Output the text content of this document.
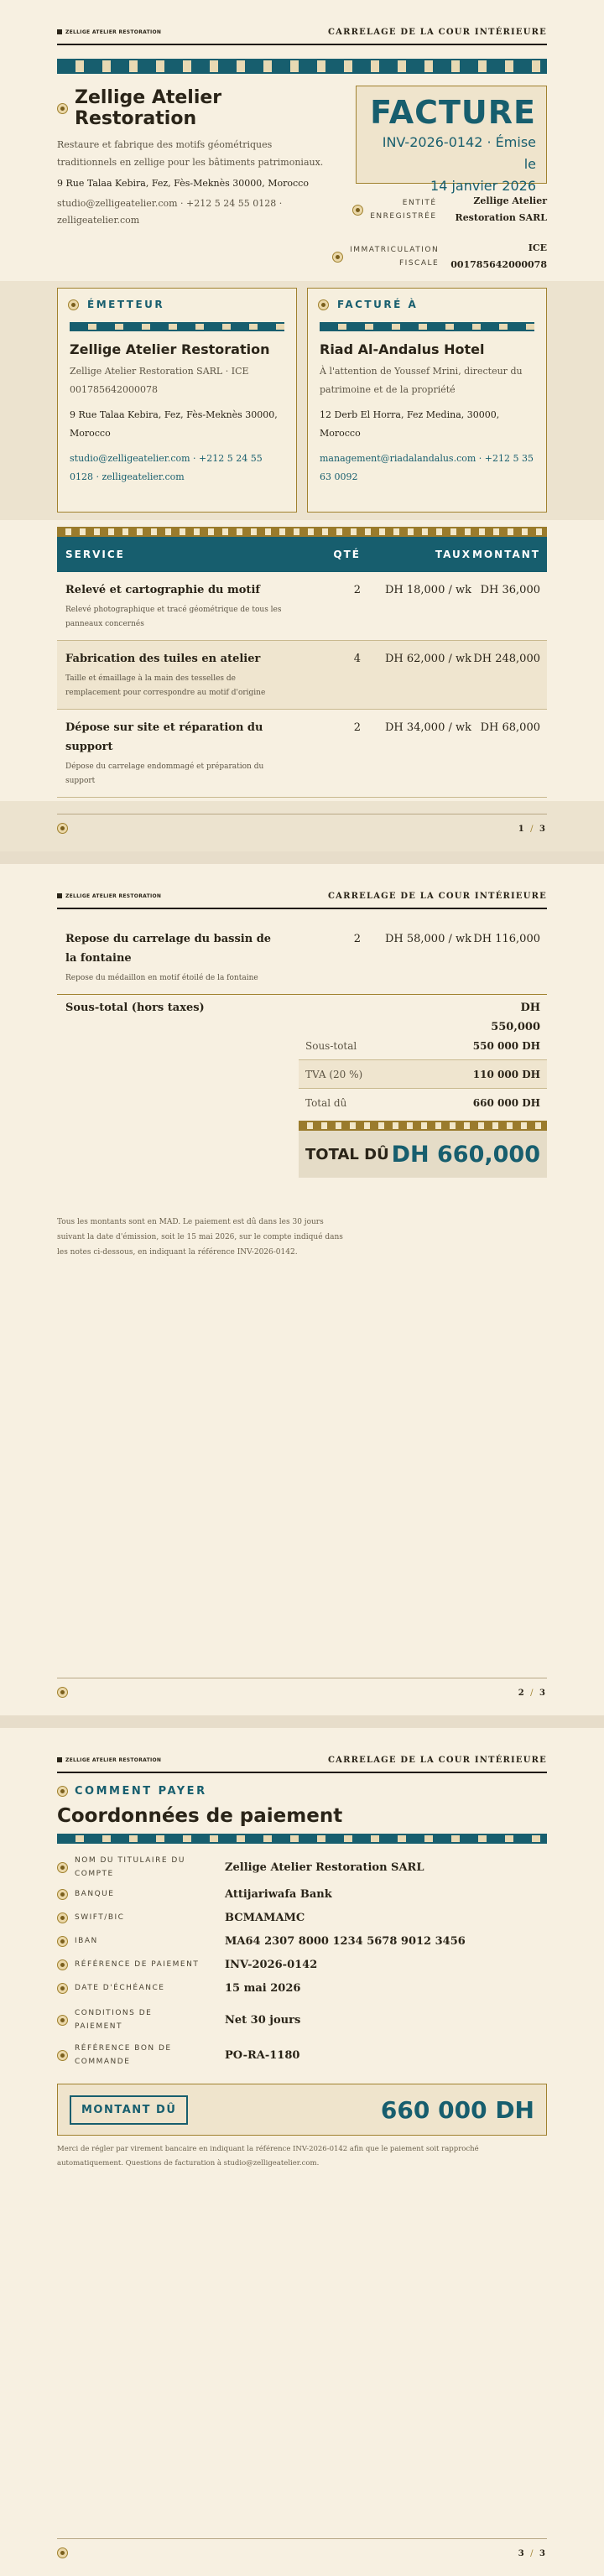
ZELLIGE ATELIER RESTORATION	CARRELAGE DE LA COUR INTÉRIEURE
Zellige Atelier Restoration
Restaure et fabrique des motifs géométriques traditionnels en zellige pour les bâtiments patrimoniaux.
9 Rue Talaa Kebira, Fez, Fès-Meknès 30000, Morocco
studio@zelligeatelier.com · +212 5 24 55 0128 ·
zelligeatelier.com
FACTURE
INV-2026-0142 · Émise le
14 janvier 2026
ENTITÉ
ENREGISTRÉE
Zellige Atelier
Restoration SARL
IMMATRICULATION
FISCALE
ICE
001785642000078
ÉMETTEUR
Zellige Atelier Restoration
Zellige Atelier Restoration SARL · ICE 001785642000078
9 Rue Talaa Kebira, Fez, Fès-Meknès 30000, Morocco
studio@zelligeatelier.com · +212 5 24 55 0128 · zelligeatelier.com
FACTURÉ À
Riad Al-Andalus Hotel
À l'attention de Youssef Mrini, directeur du patrimoine et de la propriété
12 Derb El Horra, Fez Medina, 30000, Morocco
management@riadalandalus.com · +212 5 35 63 0092
SERVICE	QTÉ	TAUX MONTANT
Relevé et cartographie du motif
Relevé photographique et tracé géométrique de tous les panneaux concernés
2	DH 18,000 / wk DH 36,000
Fabrication des tuiles en atelier
Taille et émaillage à la main des tesselles de remplacement pour correspondre au motif d'origine
4	DH 62,000 / wk DH 248,000
Dépose sur site et réparation du support
Dépose du carrelage endommagé et préparation du support
2	DH 34,000 / wk DH 68,000
1 / 3
ZELLIGE ATELIER RESTORATION	CARRELAGE DE LA COUR INTÉRIEURE
Repose du carrelage du bassin de la fontaine
Repose du médaillon en motif étoilé de la fontaine
2	DH 58,000 / wk DH 116,000
Sous-total (hors taxes)	DH 550,000
Sous-total	550 000 DH
TVA (20 %)	110 000 DH
Total dû	660 000 DH
TOTAL DÛ DH 660,000
Tous les montants sont en MAD. Le paiement est dû dans les 30 jours suivant la date d'émission, soit le 15 mai 2026, sur le compte indiqué dans les notes ci-dessous, en indiquant la référence INV-2026-0142.
2 / 3
ZELLIGE ATELIER RESTORATION	CARRELAGE DE LA COUR INTÉRIEURE
COMMENT PAYER
Coordonnées de paiement
NOM DU TITULAIRE DU
COMPTE
Zellige Atelier Restoration SARL
BANQUE	Attijariwafa Bank
SWIFT/BIC	BCMAMAMC
IBAN	MA64 2307 8000 1234 5678 9012 3456
RÉFÉRENCE DE PAIEMENT INV-2026-0142
DATE D'ÉCHÉANCE	15 mai 2026
CONDITIONS DE
PAIEMENT
Net 30 jours
RÉFÉRENCE BON DE
COMMANDE
PO-RA-1180
MONTANT DÛ	660 000 DH
Merci de régler par virement bancaire en indiquant la référence INV-2026-0142 afin que le paiement soit rapproché automatiquement. Questions de facturation à studio@zelligeatelier.com.
3 / 3
